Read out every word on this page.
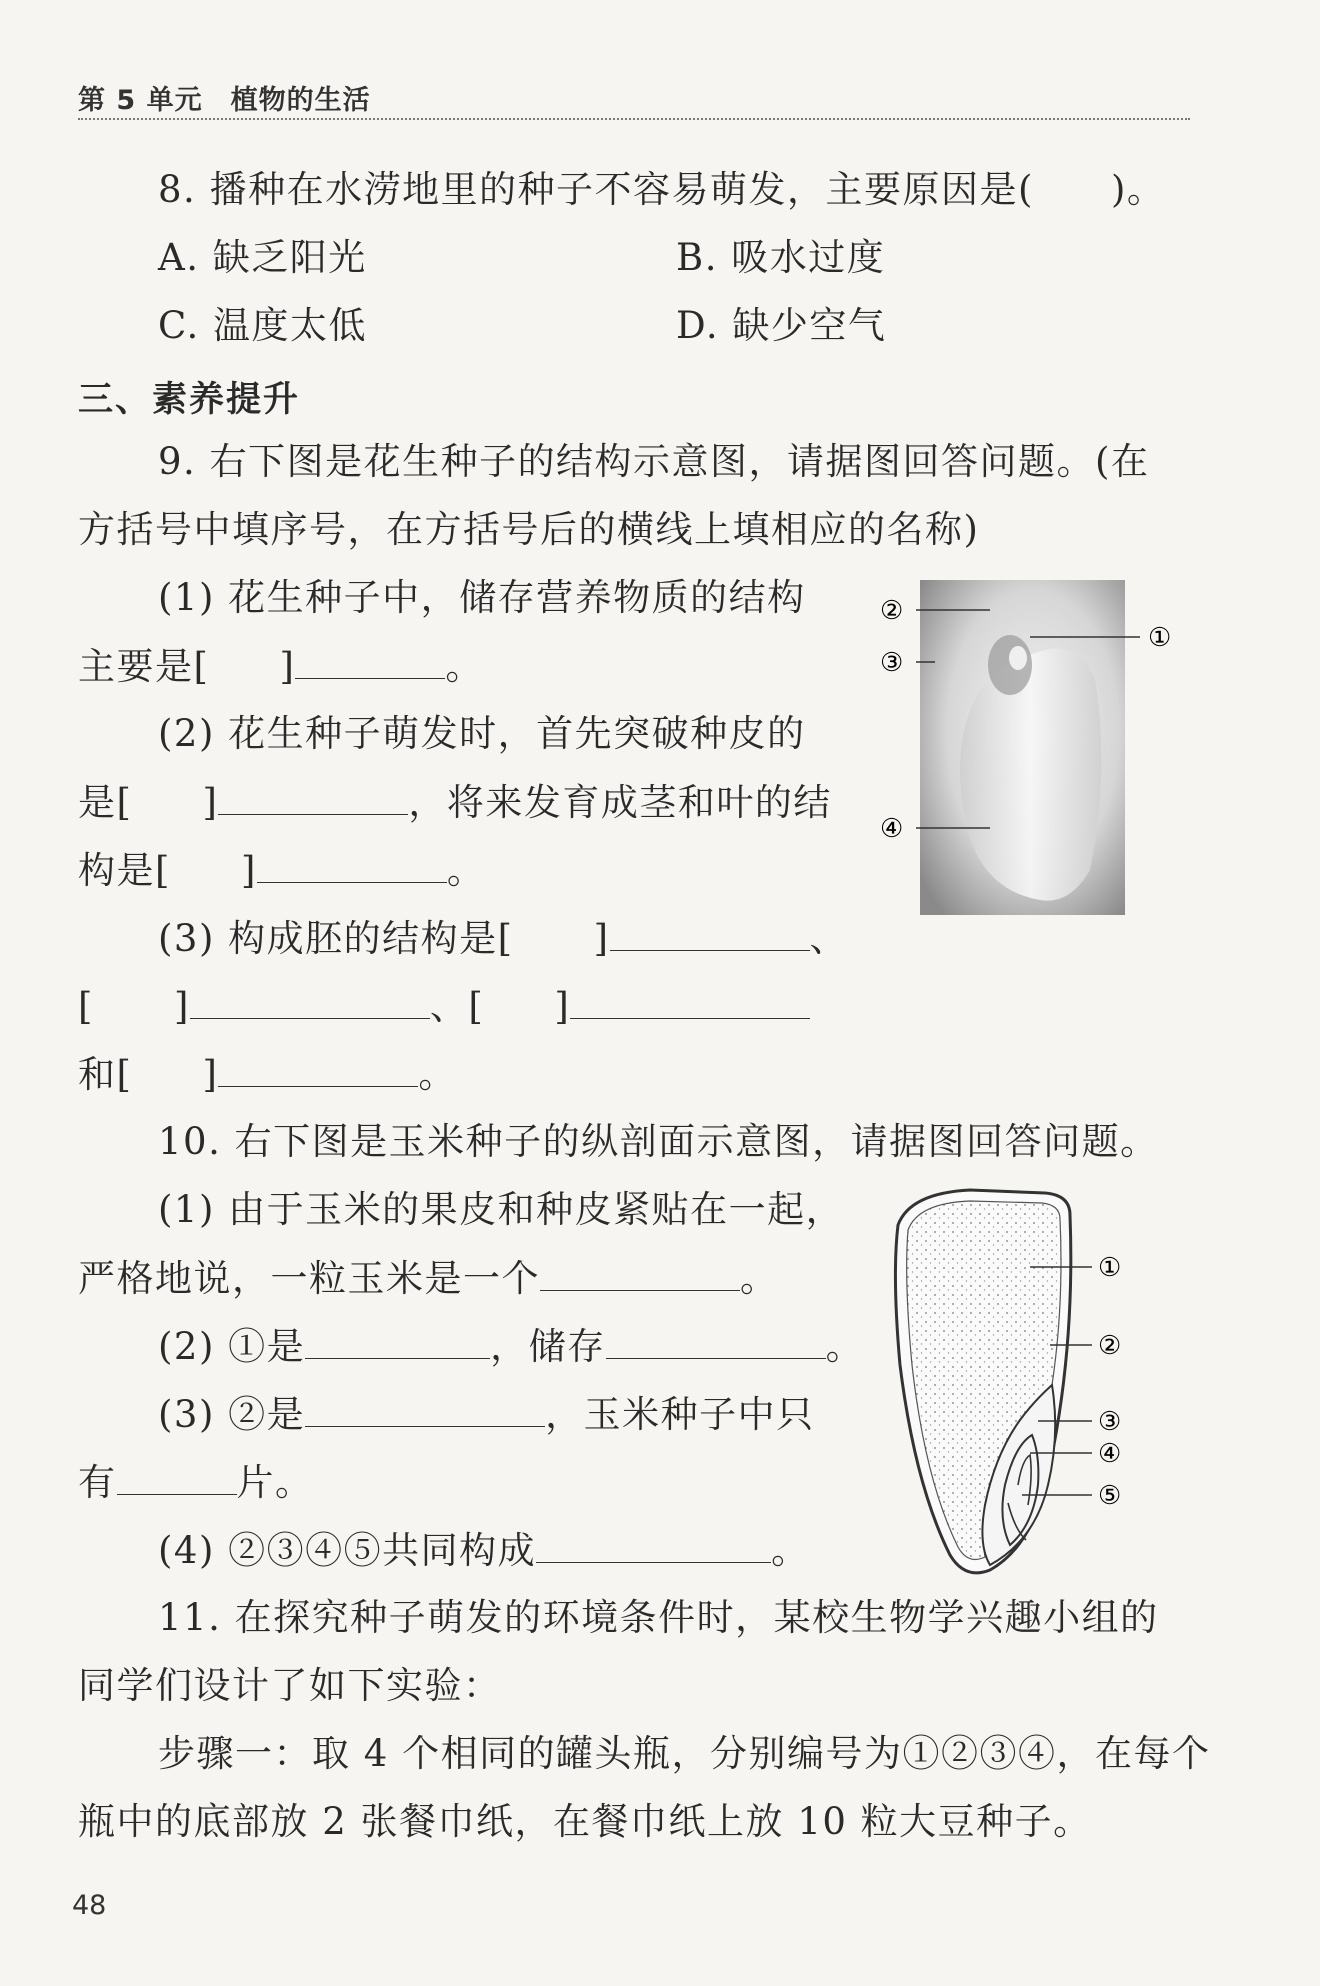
第 5 单元 植物的生活
8. 播种在水涝地里的种子不容易萌发，主要原因是(　　)。
A. 缺乏阳光	B. 吸水过度
C. 温度太低	D. 缺少空气
三、素养提升
9. 右下图是花生种子的结构示意图，请据图回答问题。(在
方括号中填序号，在方括号后的横线上填相应的名称)
(1) 花生种子中，储存营养物质的结构
主要是[ ]	。
(2) 花生种子萌发时，首先突破种皮的
是[ ]	，将来发育成茎和叶的结
构是[ ]	。
(3) 构成胚的结构是[ ]	、
[ ]	、[ ]
和[ ]	。
②
①
③
④
10. 右下图是玉米种子的纵剖面示意图，请据图回答问题。
(1) 由于玉米的果皮和种皮紧贴在一起，
严格地说，一粒玉米是一个	。
(2) ①是	，储存	。
(3) ②是	，玉米种子中只
有	片。
(4) ②③④⑤共同构成	。
①
②
③
④
⑤
11. 在探究种子萌发的环境条件时，某校生物学兴趣小组的
同学们设计了如下实验：
步骤一：取 4 个相同的罐头瓶，分别编号为①②③④，在每个
瓶中的底部放 2 张餐巾纸，在餐巾纸上放 10 粒大豆种子。
48
